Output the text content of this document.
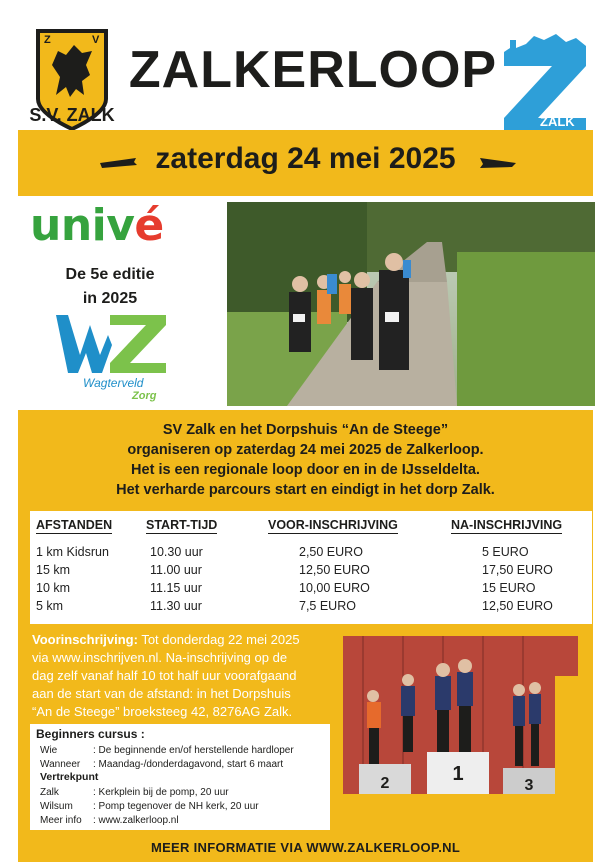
Z	V
S.V. ZALK
ZALKERLOOP
ZALK
zaterdag 24 mei 2025
univé
De 5e editie
in 2025
Wagterveld
Zorg
SV Zalk en het Dorpshuis “An de Steege”
organiseren op zaterdag 24 mei 2025 de Zalkerloop.
Het is een regionale loop door en in de IJsseldelta.
Het verharde parcours start en eindigt in het dorp Zalk.
AFSTANDEN	START-TIJD	VOOR-INSCHRIJVING	NA-INSCHRIJVING
1 km Kidsrun	10.30 uur	2,50 EURO	5 EURO
15 km	11.00 uur	12,50 EURO	17,50 EURO
10 km	11.15 uur	10,00 EURO	15 EURO
5 km	11.30 uur	7,5 EURO	12,50 EURO
Voorinschrijving: Tot donderdag 22 mei 2025
via www.inschrijven.nl. Na-inschrijving op de
dag zelf vanaf half 10 tot half uur voorafgaand
aan de start van de afstand: in het Dorpshuis
“An de Steege” broeksteeg 42, 8276AG Zalk.
2	1
3
Beginners cursus :
Wie	: De beginnende en/of herstellende hardloper
Wanneer : Maandag-/donderdagavond, start 6 maart
Vertrekpunt
Zalk	: Kerkplein bij de pomp, 20 uur
Wilsum : Pomp tegenover de NH kerk, 20 uur
Meer info : www.zalkerloop.nl
MEER INFORMATIE VIA WWW.ZALKERLOOP.NL
